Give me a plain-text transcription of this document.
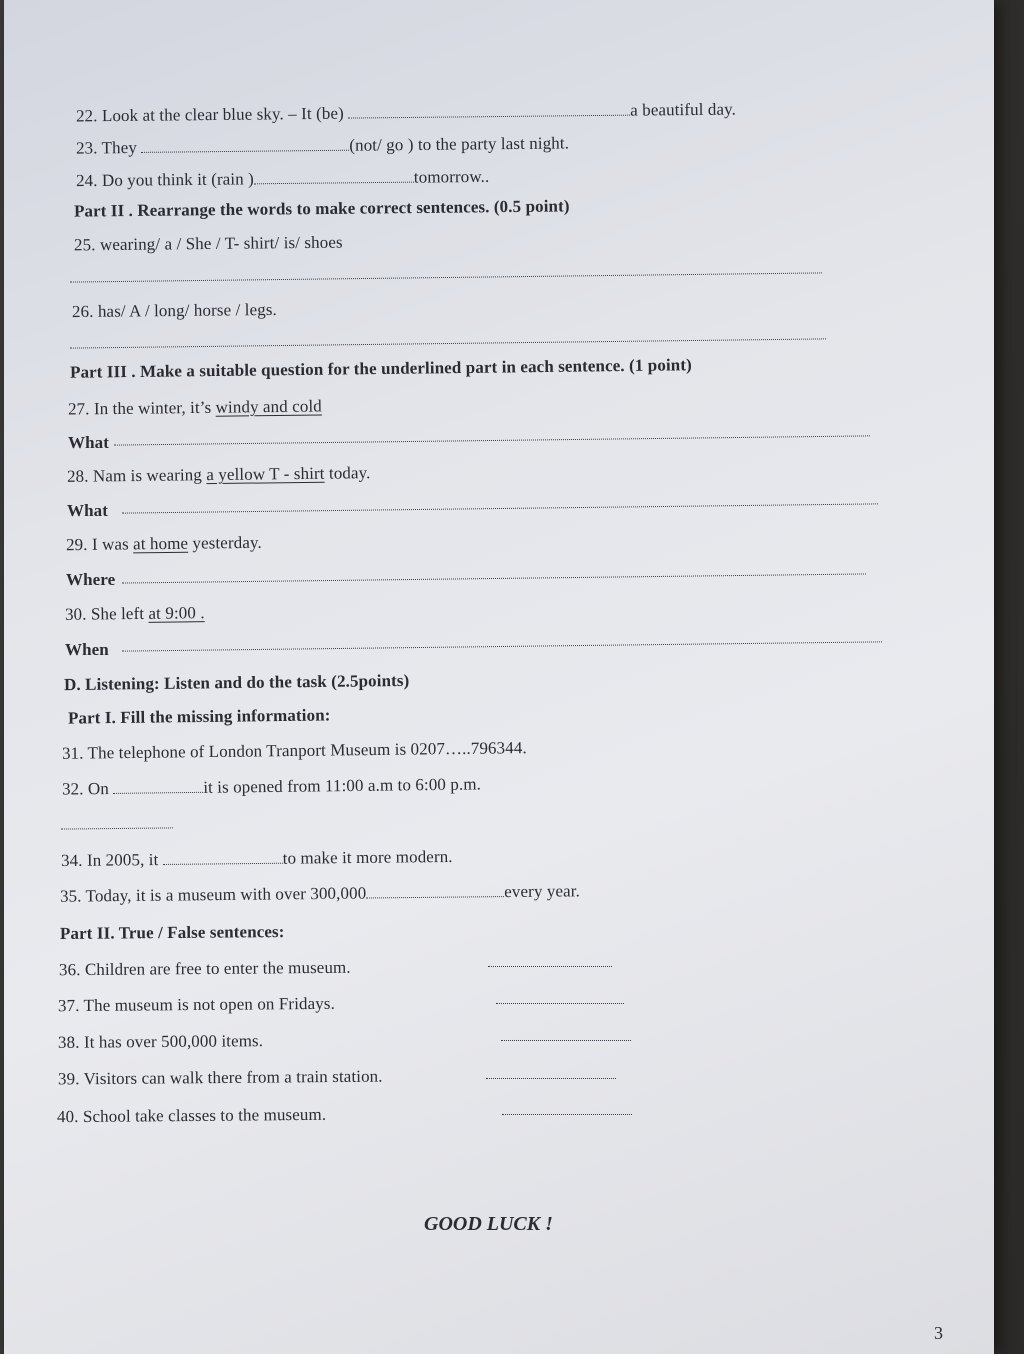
22. Look at the clear blue sky. – It (be)	a beautiful day.
23. They	(not/ go ) to the party last night.
24. Do you think it (rain )	tomorrow..
Part II . Rearrange the words to make correct sentences. (0.5 point)
25. wearing/ a / She / T- shirt/ is/ shoes
26. has/ A / long/ horse / legs.
Part III . Make a suitable question for the underlined part in each sentence. (1 point)
27. In the winter, it’s windy and cold
What
28. Nam is wearing a yellow T - shirt today.
What
29. I was at home yesterday.
Where
30. She left at 9:00 .
When
D. Listening: Listen and do the task (2.5points)
Part I. Fill the missing information:
31. The telephone of London Tranport Museum is 0207…..796344.
32. On	it is opened from 11:00 a.m to 6:00 p.m.
34. In 2005, it	to make it more modern.
35. Today, it is a museum with over 300,000	every year.
Part II. True / False sentences:
36. Children are free to enter the museum.
37. The museum is not open on Fridays.
38. It has over 500,000 items.
39. Visitors can walk there from a train station.
40. School take classes to the museum.
GOOD LUCK !
3
